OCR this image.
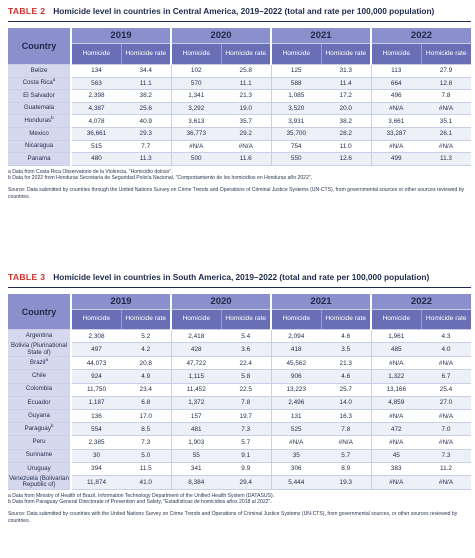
TABLE 2 Homicide level in countries in Central America, 2019–2022 (total and rate per 100,000 population)
Country	2019		2020		2021		2022	
	Homicide	Homicide rate	Homicide	Homicide rate	Homicide	Homicide rate	Homicide	Homicide rate
Belize	134	34.4	102	25.8	125	31.3	113	27.9
Costa Rica$^a$	563	11.1	570	11.1	588	11.4	664	12.8
El Salvador	2,398	38.2	1,341	21.3	1,085	17.2	496	7.8
Guatemala	4,387	25.6	3,292	19.0	3,520	20.0	#N/A	#N/A
Honduras$^b$	4,078	40.9	3,613	35.7	3,931	38.2	3,661	35.1
Mexico	36,661	29.3	36,773	29.2	35,700	28.2	33,287	26.1
Nicaragua	515	7.7	#N/A	#N/A	754	11.0	#N/A	#N/A
Panama	480	11.3	500	11.6	550	12.6	499	11.3

a Data from Costa Rica Observatorio de la Violencia, "Homicidio doloso".

b Data for 2022 from Honduras Secretaría de Seguridad Policía Nacional, "Comportamiento de los homicidios en Honduras año 2022".

Source: Data submitted by countries through the United Nations Survey on Crime Trends and Operations of Criminal Justice Systems (UN-CTS), from governmental sources or other sources reviewed by countries.
TABLE 3 Homicide level in countries in South America, 2019–2022 (total and rate per 100,000 population)
Country	2019		2020		2021		2022	
	Homicide	Homicide rate	Homicide	Homicide rate	Homicide	Homicide rate	Homicide	Homicide rate
Argentina	2,308	5.2	2,418	5.4	2,094	4.6	1,961	4.3
Bolivia (Plurinational State of)	497	4.2	428	3.6	418	3.5	485	4.0
Brazil$^a$	44,073	20.8	47,722	22.4	45,562	21.3	#N/A	#N/A
Chile	924	4.9	1,115	5.8	906	4.6	1,322	6.7
Colombia	11,750	23.4	11,452	22.5	13,223	25.7	13,166	25.4
Ecuador	1,187	6.8	1,372	7.8	2,496	14.0	4,859	27.0
Guyana	136	17.0	157	19.7	131	16.3	#N/A	#N/A
Paraguay$^b$	554	8.5	481	7.3	525	7.8	472	7.0
Peru	2,385	7.3	1,903	5.7	#N/A	#N/A	#N/A	#N/A
Suriname	30	5.0	55	9.1	35	5.7	45	7.3
Uruguay	394	11.5	341	9.9	306	8.9	383	11.2
Venezuela (Bolivarian Republic of)	11,874	41.0	8,384	29.4	5,444	19.3	#N/A	#N/A

a Data from Ministry of Health of Brazil, Information Technology Department of the Unified Health System (DATASUS).

b Data from Paraguay General Directorate of Prevention and Safety, "Estadísticas de homicidios años 2018 al 2022".

Source: Data submitted by countries with the United Nations Survey on Crime Trends and Operations of Criminal Justice Systems (UN-CTS), from governmental sources, or other sources reviewed by countries.
